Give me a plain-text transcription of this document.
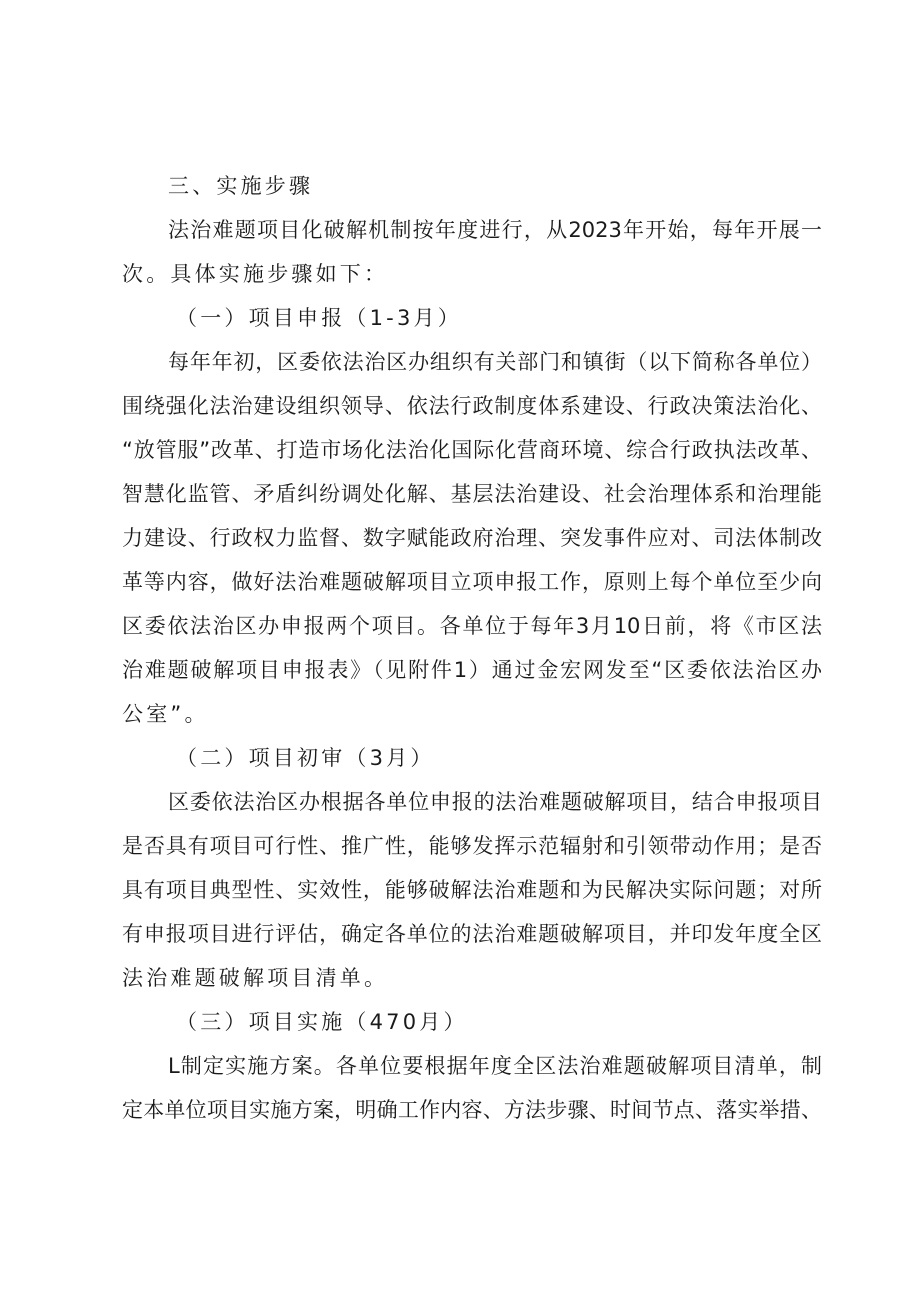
三、实施步骤
法治难题项目化破解机制按年度进行，从2023年开始，每年开展一
次。具体实施步骤如下：
（一）项目申报（1-3月）
每年年初，区委依法治区办组织有关部门和镇街（以下简称各单位）
围绕强化法治建设组织领导、依法行政制度体系建设、行政决策法治化、
“放管服”改革、打造市场化法治化国际化营商环境、综合行政执法改革、
智慧化监管、矛盾纠纷调处化解、基层法治建设、社会治理体系和治理能
力建设、行政权力监督、数字赋能政府治理、突发事件应对、司法体制改
革等内容，做好法治难题破解项目立项申报工作，原则上每个单位至少向
区委依法治区办申报两个项目。各单位于每年3月10日前，将《市区法
治难题破解项目申报表》（见附件1）通过金宏网发至“区委依法治区办
公室”。
（二）项目初审（3月）
区委依法治区办根据各单位申报的法治难题破解项目，结合申报项目
是否具有项目可行性、推广性，能够发挥示范辐射和引领带动作用；是否
具有项目典型性、实效性，能够破解法治难题和为民解决实际问题；对所
有申报项目进行评估，确定各单位的法治难题破解项目，并印发年度全区
法治难题破解项目清单。
（三）项目实施（470月）
L制定实施方案。各单位要根据年度全区法治难题破解项目清单，制
定本单位项目实施方案，明确工作内容、方法步骤、时间节点、落实举措、
